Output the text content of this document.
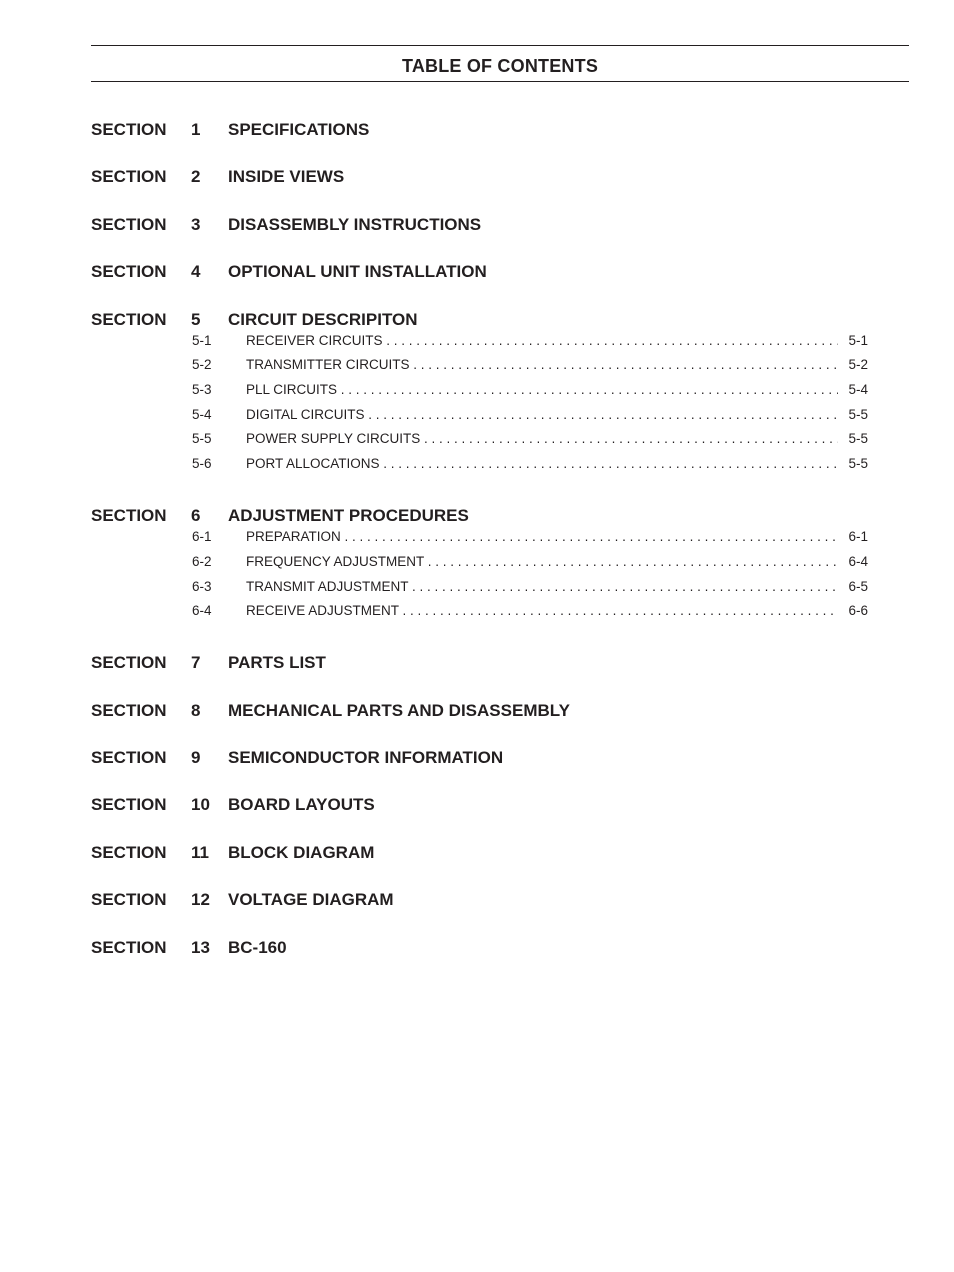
TABLE OF CONTENTS
SECTION 1 SPECIFICATIONS
SECTION 2 INSIDE VIEWS
SECTION 3 DISASSEMBLY INSTRUCTIONS
SECTION 4 OPTIONAL UNIT INSTALLATION
SECTION 5 CIRCUIT DESCRIPITON
5-1	RECEIVER CIRCUITS . . .	5-1
5-2	TRANSMITTER CIRCUITS . . .	5-2
5-3	PLL CIRCUITS . . .	5-4
5-4	DIGITAL CIRCUITS . . .	5-5
5-5	POWER SUPPLY CIRCUITS . . .	5-5
5-6	PORT ALLOCATIONS . . .	5-5
SECTION 6 ADJUSTMENT PROCEDURES
6-1	PREPARATION . . .	6-1
6-2	FREQUENCY ADJUSTMENT . . .	6-4
6-3	TRANSMIT ADJUSTMENT . . .	6-5
6-4	RECEIVE ADJUSTMENT . . .	6-6
SECTION 7 PARTS LIST
SECTION 8 MECHANICAL PARTS AND DISASSEMBLY
SECTION 9 SEMICONDUCTOR INFORMATION
SECTION 10 BOARD LAYOUTS
SECTION 11 BLOCK DIAGRAM
SECTION 12 VOLTAGE DIAGRAM
SECTION 13 BC-160
